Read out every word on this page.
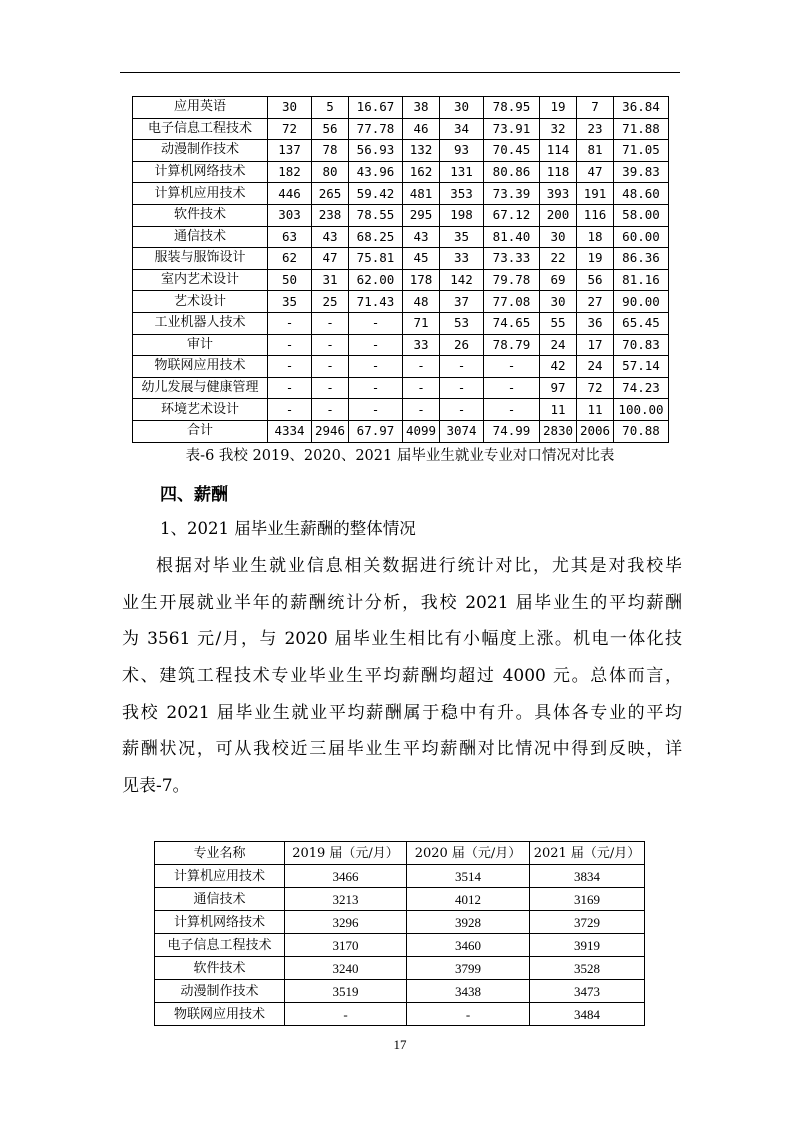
应用英语	30	5	16.67	38	30	78.95	19	7	36.84
电子信息工程技术	72	56	77.78	46	34	73.91	32	23	71.88
动漫制作技术	137	78	56.93	132	93	70.45	114	81	71.05
计算机网络技术	182	80	43.96	162	131	80.86	118	47	39.83
计算机应用技术	446	265	59.42	481	353	73.39	393	191	48.60
软件技术	303	238	78.55	295	198	67.12	200	116	58.00
通信技术	63	43	68.25	43	35	81.40	30	18	60.00
服装与服饰设计	62	47	75.81	45	33	73.33	22	19	86.36
室内艺术设计	50	31	62.00	178	142	79.78	69	56	81.16
艺术设计	35	25	71.43	48	37	77.08	30	27	90.00
工业机器人技术	-	-	-	71	53	74.65	55	36	65.45
审计	-	-	-	33	26	78.79	24	17	70.83
物联网应用技术	-	-	-	-	-	-	42	24	57.14
幼儿发展与健康管理	-	-	-	-	-	-	97	72	74.23
环境艺术设计	-	-	-	-	-	-	11	11	100.00
合计	4334	2946	67.97	4099	3074	74.99	2830	2006	70.88
表-6 我校 2019、2020、2021 届毕业生就业专业对口情况对比表
四、薪酬
1、2021 届毕业生薪酬的整体情况
根据对毕业生就业信息相关数据进行统计对比，尤其是对我校毕
业生开展就业半年的薪酬统计分析，我校 2021 届毕业生的平均薪酬
为 3561 元/月，与 2020 届毕业生相比有小幅度上涨。机电一体化技
术、建筑工程技术专业毕业生平均薪酬均超过 4000 元。总体而言，
我校 2021 届毕业生就业平均薪酬属于稳中有升。具体各专业的平均
薪酬状况，可从我校近三届毕业生平均薪酬对比情况中得到反映，详
见表-7。
专业名称	2019 届（元/月）	2020 届（元/月）	2021 届（元/月）
计算机应用技术	3466	3514	3834
通信技术	3213	4012	3169
计算机网络技术	3296	3928	3729
电子信息工程技术	3170	3460	3919
软件技术	3240	3799	3528
动漫制作技术	3519	3438	3473
物联网应用技术	-	-	3484
17
